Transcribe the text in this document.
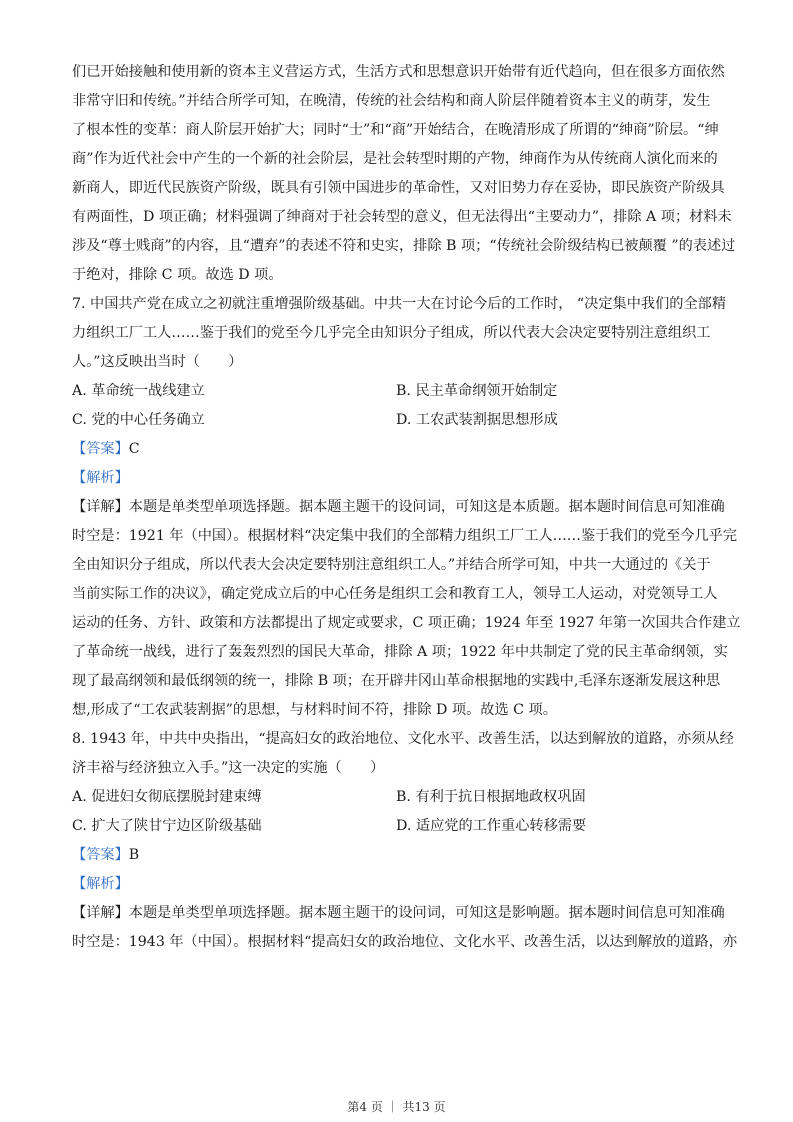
们已开始接触和使用新的资本主义营运方式，生活方式和思想意识开始带有近代趋向，但在很多方面依然
非常守旧和传统。”并结合所学可知，在晚清，传统的社会结构和商人阶层伴随着资本主义的萌芽，发生
了根本性的变革：商人阶层开始扩大；同时“士”和“商”开始结合，在晚清形成了所谓的“绅商”阶层。“绅
商”作为近代社会中产生的一个新的社会阶层，是社会转型时期的产物，绅商作为从传统商人演化而来的
新商人，即近代民族资产阶级，既具有引领中国进步的革命性，又对旧势力存在妥协，即民族资产阶级具
有两面性，D 项正确；材料强调了绅商对于社会转型的意义，但无法得出“主要动力”，排除 A 项；材料未
涉及“尊士贱商”的内容，且“遭弃”的表述不符和史实，排除 B 项；“传统社会阶级结构已被颠覆 ”的表述过
于绝对，排除 C 项。故选 D 项。
7. 中国共产党在成立之初就注重增强阶级基础。中共一大在讨论今后的工作时， “决定集中我们的全部精
力组织工厂工人……鉴于我们的党至今几乎完全由知识分子组成，所以代表大会决定要特别注意组织工
人。”这反映出当时（　　）
A. 革命统一战线建立	B. 民主革命纲领开始制定
C. 党的中心任务确立	D. 工农武装割据思想形成
【答案】C
【解析】
【详解】本题是单类型单项选择题。据本题主题干的设问词，可知这是本质题。据本题时间信息可知准确
时空是：1921 年（中国）。根据材料“决定集中我们的全部精力组织工厂工人……鉴于我们的党至今几乎完
全由知识分子组成，所以代表大会决定要特别注意组织工人。”并结合所学可知，中共一大通过的《关于
当前实际工作的决议》，确定党成立后的中心任务是组织工会和教育工人，领导工人运动，对党领导工人
运动的任务、方针、政策和方法都提出了规定或要求，C 项正确；1924 年至 1927 年第一次国共合作建立
了革命统一战线，进行了轰轰烈烈的国民大革命，排除 A 项；1922 年中共制定了党的民主革命纲领，实
现了最高纲领和最低纲领的统一，排除 B 项；在开辟井冈山革命根据地的实践中,毛泽东逐渐发展这种思
想,形成了“工农武装割据”的思想，与材料时间不符，排除 D 项。故选 C 项。
8. 1943 年，中共中央指出，“提高妇女的政治地位、文化水平、改善生活，以达到解放的道路，亦须从经
济丰裕与经济独立入手。”这一决定的实施（　　）
A. 促进妇女彻底摆脱封建束缚	B. 有利于抗日根据地政权巩固
C. 扩大了陕甘宁边区阶级基础	D. 适应党的工作重心转移需要
【答案】B
【解析】
【详解】本题是单类型单项选择题。据本题主题干的设问词，可知这是影响题。据本题时间信息可知准确
时空是：1943 年（中国）。根据材料“提高妇女的政治地位、文化水平、改善生活，以达到解放的道路，亦
第4 页 ｜ 共13 页
